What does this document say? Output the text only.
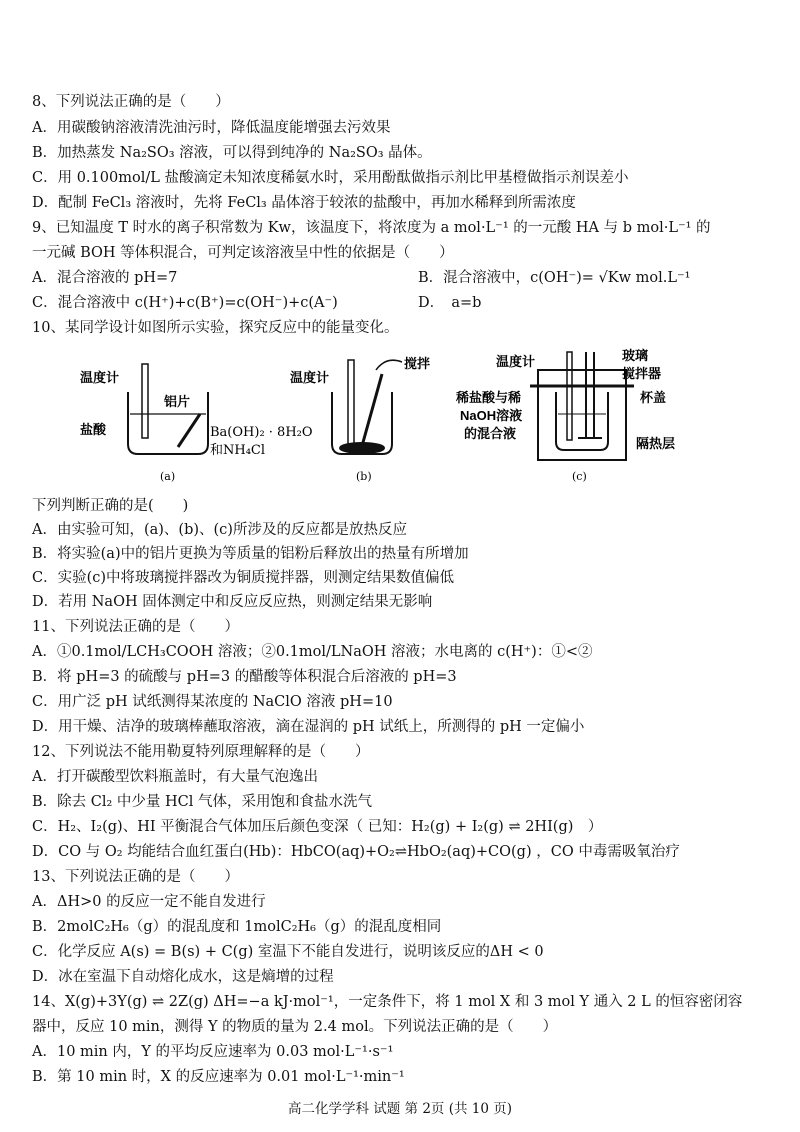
8、下列说法正确的是（　　）
A．用碳酸钠溶液清洗油污时，降低温度能增强去污效果
B．加热蒸发 Na₂SO₃ 溶液，可以得到纯净的 Na₂SO₃ 晶体。
C．用 0.100mol/L 盐酸滴定未知浓度稀氨水时，采用酚酞做指示剂比甲基橙做指示剂误差小
D．配制 FeCl₃ 溶液时，先将 FeCl₃ 晶体溶于较浓的盐酸中，再加水稀释到所需浓度
9、已知温度 T 时水的离子积常数为 Kw，该温度下，将浓度为 a mol·L⁻¹ 的一元酸 HA 与 b mol·L⁻¹ 的
一元碱 BOH 等体积混合，可判定该溶液呈中性的依据是（　　）
A．混合溶液的 pH=7	B．混合溶液中，c(OH⁻)= √Kw mol.L⁻¹
C．混合溶液中 c(H⁺)+c(B⁺)=c(OH⁻)+c(A⁻)	D．　a=b
10、某同学设计如图所示实验，探究反应中的能量变化。
温度计
铝片
盐酸
(a)
温度计
搅拌
Ba(OH)₂ · 8H₂O
和NH₄Cl
(b)
温度计	玻璃
搅拌器
稀盐酸与稀
NaOH溶液
的混合液
杯盖
隔热层
(c)
下列判断正确的是(　　)
A．由实验可知，(a)、(b)、(c)所涉及的反应都是放热反应
B．将实验(a)中的铝片更换为等质量的铝粉后释放出的热量有所增加
C．实验(c)中将玻璃搅拌器改为铜质搅拌器，则测定结果数值偏低
D．若用 NaOH 固体测定中和反应反应热，则测定结果无影响
11、下列说法正确的是（　　）
A．①0.1mol/LCH₃COOH 溶液；②0.1mol/LNaOH 溶液；水电离的 c(H⁺)：①<②
B．将 pH=3 的硫酸与 pH=3 的醋酸等体积混合后溶液的 pH=3
C．用广泛 pH 试纸测得某浓度的 NaClO 溶液 pH=10
D．用干燥、洁净的玻璃棒蘸取溶液，滴在湿润的 pH 试纸上，所测得的 pH 一定偏小
12、下列说法不能用勒夏特列原理解释的是（　　）
A．打开碳酸型饮料瓶盖时，有大量气泡逸出
B．除去 Cl₂ 中少量 HCl 气体，采用饱和食盐水洗气
C．H₂、I₂(g)、HI 平衡混合气体加压后颜色变深（ 已知：H₂(g) + I₂(g) ⇌ 2HI(g)　）
D．CO 与 O₂ 均能结合血红蛋白(Hb)：HbCO(aq)+O₂⇌HbO₂(aq)+CO(g) ，CO 中毒需吸氧治疗
13、下列说法正确的是（　　）
A．ΔH>0 的反应一定不能自发进行
B．2molC₂H₆（g）的混乱度和 1molC₂H₆（g）的混乱度相同
C．化学反应 A(s) = B(s) + C(g) 室温下不能自发进行，说明该反应的ΔH < 0
D．冰在室温下自动熔化成水，这是熵增的过程
14、X(g)+3Y(g) ⇌ 2Z(g) ΔH=−a kJ·mol⁻¹，一定条件下，将 1 mol X 和 3 mol Y 通入 2 L 的恒容密闭容
器中，反应 10 min，测得 Y 的物质的量为 2.4 mol。下列说法正确的是（　　）
A．10 min 内，Y 的平均反应速率为 0.03 mol·L⁻¹·s⁻¹
B．第 10 min 时，X 的反应速率为 0.01 mol·L⁻¹·min⁻¹
高二化学学科 试题 第 2页 (共 10 页)
